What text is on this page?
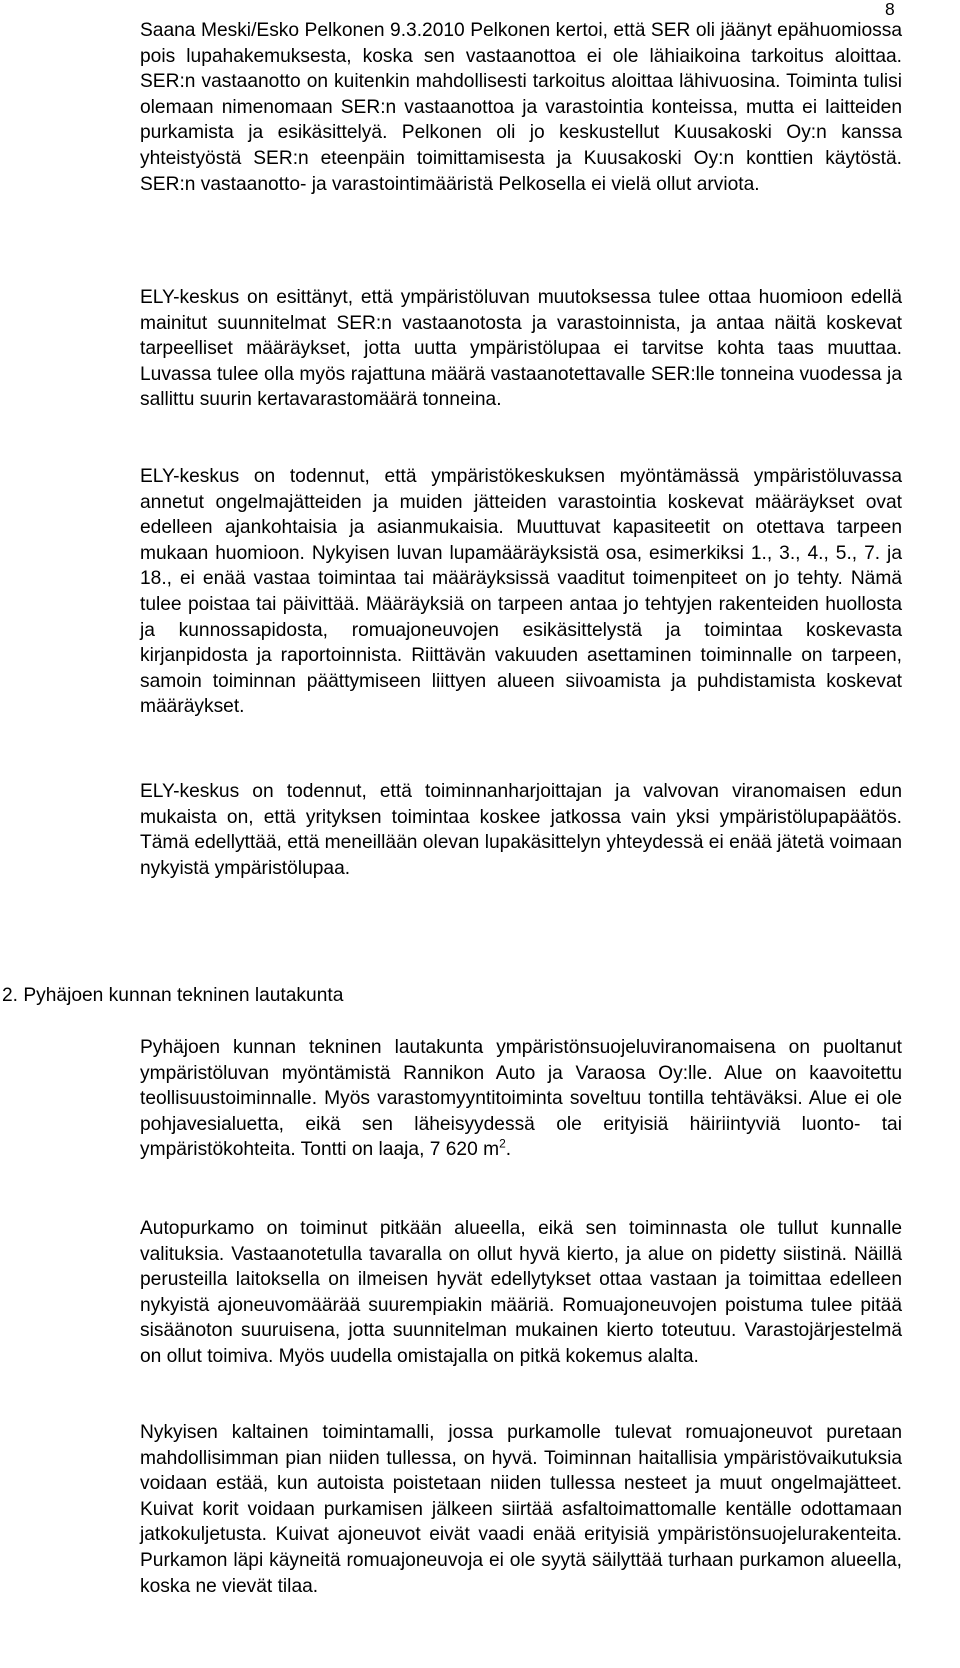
8

Saana Meski/Esko Pelkonen 9.3.2010 Pelkonen kertoi, että SER oli jäänyt epähuomiossa pois lupahakemuksesta, koska sen vastaanottoa ei ole lähiaikoina tarkoitus aloittaa. SER:n vastaanotto on kuitenkin mahdollisesti tarkoitus aloittaa lähivuosina. Toiminta tulisi olemaan nimenomaan SER:n vastaanottoa ja varastointia konteissa, mutta ei laitteiden purkamista ja esikäsittelyä. Pelkonen oli jo keskustellut Kuusakoski Oy:n kanssa yhteistyöstä SER:n eteenpäin toimittamisesta ja Kuusakoski Oy:n konttien käytöstä. SER:n vastaanotto- ja varastointimääristä Pelkosella ei vielä ollut arviota.

ELY-keskus on esittänyt, että ympäristöluvan muutoksessa tulee ottaa huomioon edellä mainitut suunnitelmat SER:n vastaanotosta ja varastoinnista, ja antaa näitä koskevat tarpeelliset määräykset, jotta uutta ympäristölupaa ei tarvitse kohta taas muuttaa. Luvassa tulee olla myös rajattuna määrä vastaanotettavalle SER:lle tonneina vuodessa ja sallittu suurin kertavarastomäärä tonneina.

ELY-keskus on todennut, että ympäristökeskuksen myöntämässä ympäristöluvassa annetut ongelmajätteiden ja muiden jätteiden varastointia koskevat määräykset ovat edelleen ajankohtaisia ja asianmukaisia. Muuttuvat kapasiteetit on otettava tarpeen mukaan huomioon. Nykyisen luvan lupamääräyksistä osa, esimerkiksi 1., 3., 4., 5., 7. ja 18., ei enää vastaa toimintaa tai määräyksissä vaaditut toimenpiteet on jo tehty. Nämä tulee poistaa tai päivittää. Määräyksiä on tarpeen antaa jo tehtyjen rakenteiden huollosta ja kunnossapidosta, romuajoneuvojen esikäsittelystä ja toimintaa koskevasta kirjanpidosta ja raportoinnista. Riittävän vakuuden asettaminen toiminnalle on tarpeen, samoin toiminnan päättymiseen liittyen alueen siivoamista ja puhdistamista koskevat määräykset.

ELY-keskus on todennut, että toiminnanharjoittajan ja valvovan viranomaisen edun mukaista on, että yrityksen toimintaa koskee jatkossa vain yksi ympäristölupapäätös. Tämä edellyttää, että meneillään olevan lupakäsittelyn yhteydessä ei enää jätetä voimaan nykyistä ympäristölupaa.

2. Pyhäjoen kunnan tekninen lautakunta

Pyhäjoen kunnan tekninen lautakunta ympäristönsuojeluviranomaisena on puoltanut ympäristöluvan myöntämistä Rannikon Auto ja Varaosa Oy:lle. Alue on kaavoitettu teollisuustoiminnalle. Myös varastomyyntitoiminta soveltuu tontilla tehtäväksi. Alue ei ole pohjavesialuetta, eikä sen läheisyydessä ole erityisiä häiriintyviä luonto- tai ympäristökohteita. Tontti on laaja, 7 620 $m^2$.

Autopurkamo on toiminut pitkään alueella, eikä sen toiminnasta ole tullut kunnalle valituksia. Vastaanotetulla tavaralla on ollut hyvä kierto, ja alue on pidetty siistinä. Näillä perusteilla laitoksella on ilmeisen hyvät edellytykset ottaa vastaan ja toimittaa edelleen nykyistä ajoneuvomäärää suurempiakin määriä. Romuajoneuvojen poistuma tulee pitää sisäänoton suuruisena, jotta suunnitelman mukainen kierto toteutuu. Varastojärjestelmä on ollut toimiva. Myös uudella omistajalla on pitkä kokemus alalta.

Nykyisen kaltainen toimintamalli, jossa purkamolle tulevat romuajoneuvot puretaan mahdollisimman pian niiden tullessa, on hyvä. Toiminnan haitallisia ympäristövaikutuksia voidaan estää, kun autoista poistetaan niiden tullessa nesteet ja muut ongelmajätteet. Kuivat korit voidaan purkamisen jälkeen siirtää asfaltoimattomalle kentälle odottamaan jatkokuljetusta. Kuivat ajoneuvot eivät vaadi enää erityisiä ympäristönsuojelurakenteita. Purkamon läpi käyneitä romuajoneuvoja ei ole syytä säilyttää turhaan purkamon alueella, koska ne vievät tilaa.
